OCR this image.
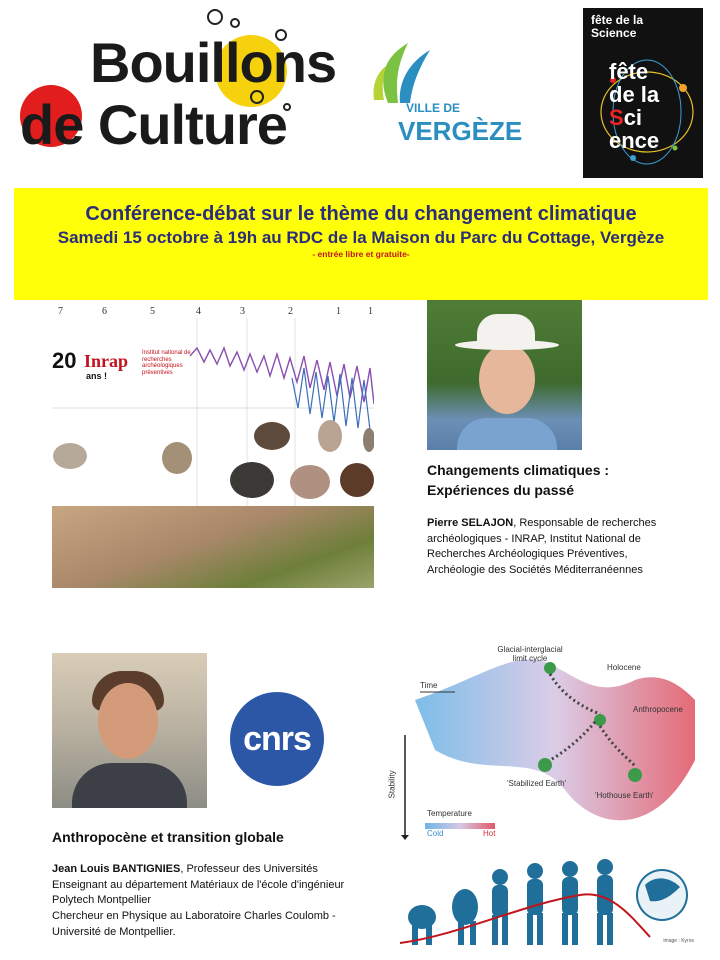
Bouillons
de Culture	VILLE DE
VERGÈZE
fête de la Science
fête
de la
Sci
ence
Conférence-débat sur le thème du changement climatique
Samedi 15 octobre à 19h au RDC de la Maison du Parc du Cottage, Vergèze
- entrée libre et gratuite-
7	6	5	4	3	2	1	1
20 Inrap
ans !
Institut national de recherches archéologiques préventives
Changements climatiques :
Expériences du passé
Pierre SELAJON, Responsable de recherches archéologiques - INRAP, Institut National de Recherches Archéologiques Préventives, Archéologie des Sociétés Méditerranéennes
cnrs
Anthropocène et transition globale

Jean Louis BANTIGNIES, Professeur des Universités

Enseignant au département Matériaux de l'école d'ingénieur Polytech Montpellier

Chercheur en Physique au Laboratoire Charles Coulomb -Université de Montpellier.

Glacial-interglacial limit cycle
Holocene
Time
Anthropocene
Stability	'Stabilized Earth'
'Hothouse Earth'
Temperature
Cold	Hot
image : Kyros
